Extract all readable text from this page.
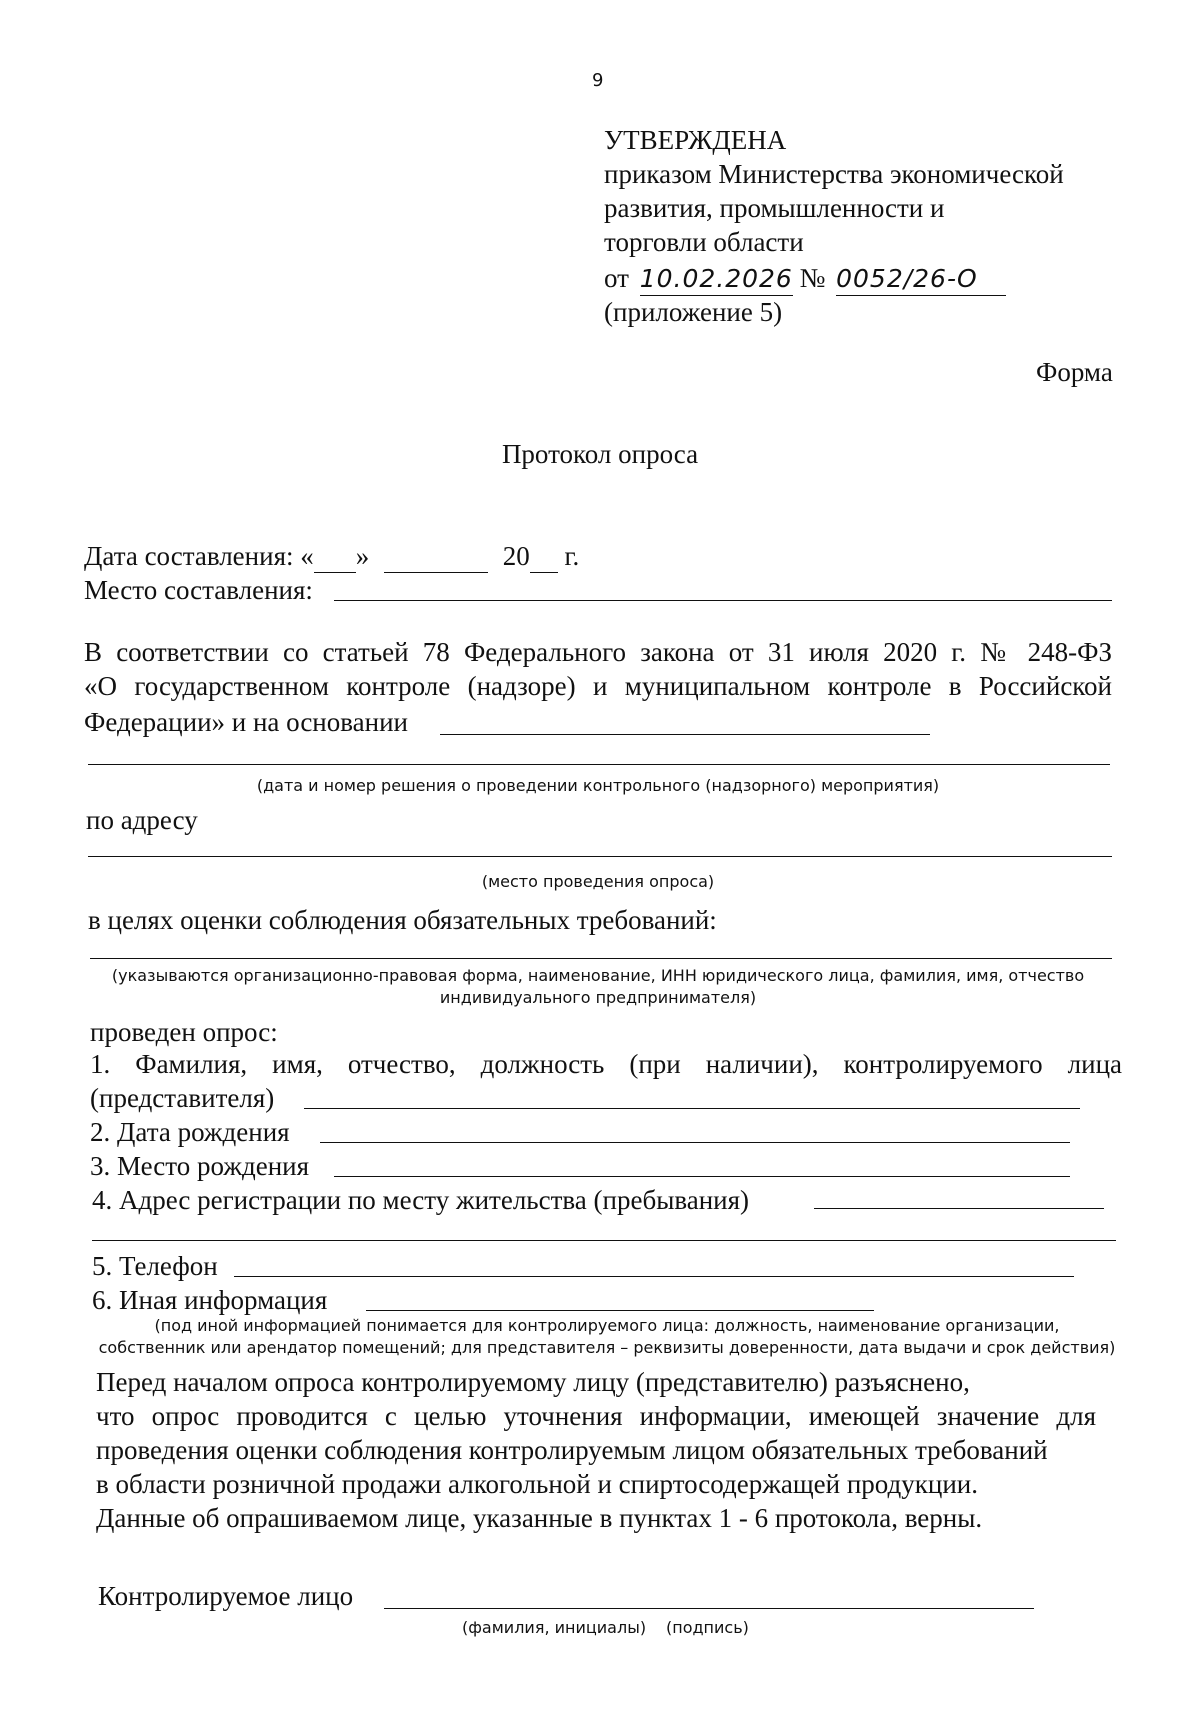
9
УТВЕРЖДЕНА
приказом Министерства экономической
развития, промышленности и
торговли области
от 10.02.2026 № 0052/26-О
(приложение 5)
Форма
Протокол опроса
Дата составления: « »	20 г.
Место составления:
В соответствии со статьей 78 Федерального закона от 31 июля 2020 г. № 248-ФЗ
«О государственном контроле (надзоре) и муниципальном контроле в Российской
Федерации» и на основании
(дата и номер решения о проведении контрольного (надзорного) мероприятия)
по адресу
(место проведения опроса)
в целях оценки соблюдения обязательных требований:
(указываются организационно-правовая форма, наименование, ИНН юридического лица, фамилия, имя, отчество
индивидуального предпринимателя)
проведен опрос:
1. Фамилия, имя, отчество, должность (при наличии), контролируемого лица
(представителя)
2. Дата рождения
3. Место рождения
4. Адрес регистрации по месту жительства (пребывания)
5. Телефон
6. Иная информация
(под иной информацией понимается для контролируемого лица: должность, наименование организации,
собственник или арендатор помещений; для представителя – реквизиты доверенности, дата выдачи и срок действия)
Перед началом опроса контролируемому лицу (представителю) разъяснено,
что опрос проводится с целью уточнения информации, имеющей значение для
проведения оценки соблюдения контролируемым лицом обязательных требований
в области розничной продажи алкогольной и спиртосодержащей продукции.
Данные об опрашиваемом лице, указанные в пунктах 1 - 6 протокола, верны.
Контролируемое лицо
(фамилия, инициалы) (подпись)
